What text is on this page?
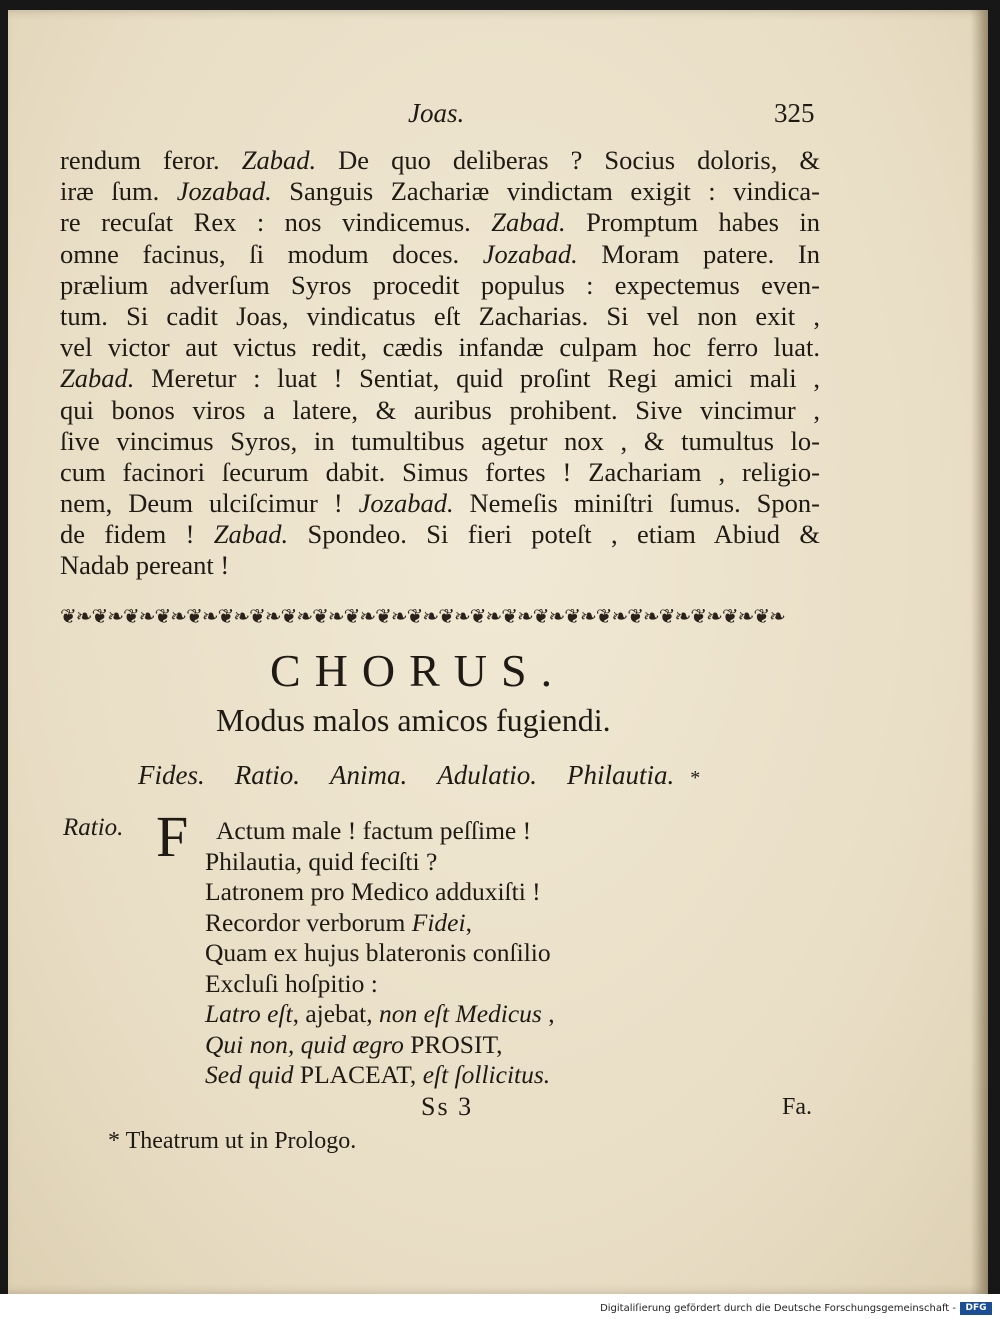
Joas.	325
rendum feror. Zabad. De quo deliberas ? Socius doloris, &
iræ ſum. Jozabad. Sanguis Zachariæ vindictam exigit : vindica-
re recuſat Rex : nos vindicemus. Zabad. Promptum habes in
omne facinus, ſi modum doces. Jozabad. Moram patere. In
prælium adverſum Syros procedit populus : expectemus even-
tum. Si cadit Joas, vindicatus eſt Zacharias. Si vel non exit ,
vel victor aut victus redit, cædis infandæ culpam hoc ferro luat.
Zabad. Meretur : luat ! Sentiat, quid proſint Regi amici mali ,
qui bonos viros a latere, & auribus prohibent. Sive vincimur ,
ſive vincimus Syros, in tumultibus agetur nox , & tumultus lo-
cum facinori ſecurum dabit. Simus fortes ! Zachariam , religio-
nem, Deum ulciſcimur ! Jozabad. Nemeſis miniſtri ſumus. Spon-
de fidem ! Zabad. Spondeo. Si fieri poteſt , etiam Abiud &
Nadab pereant !
❦❧❦❧❦❧❦❧❦❧❦❧❦❧❦❧❦❧❦❧❦❧❦❧❦❧❦❧❦❧❦❧❦❧❦❧❦❧❦❧❦❧❦❧❦❧
CHORUS.
Modus malos amicos fugiendi.
Fides. Ratio. Anima. Adulatio. Philautia. *
Ratio. F Actum male ! factum peſſime !
Philautia, quid feciſti ?
Latronem pro Medico adduxiſti !
Recordor verborum Fidei,
Quam ex hujus blateronis conſilio
Excluſi hoſpitio :
Latro eſt, ajebat, non eſt Medicus ,
Qui non, quid ægro PROSIT,
Sed quid PLACEAT, eſt ſollicitus.
Ss 3	Fa.
* Theatrum ut in Prologo.
Digitaliſierung gefördert durch die Deutsche Forschungsgemeinschaft -	DFG
